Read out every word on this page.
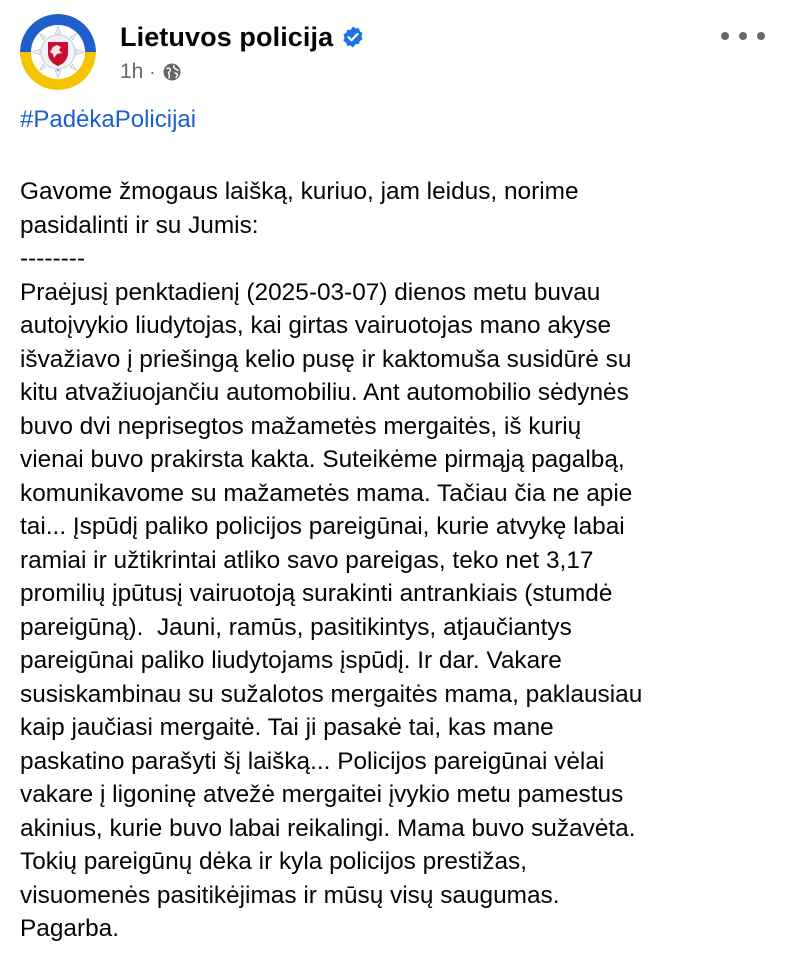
✦
Lietuvos policija
1h ·
#PadėkaPolicijai
Gavome žmogaus laišką, kuriuo, jam leidus, norime
pasidalinti ir su Jumis:
--------
Praėjusį penktadienį (2025-03-07) dienos metu buvau
autoįvykio liudytojas, kai girtas vairuotojas mano akyse
išvažiavo į priešingą kelio pusę ir kaktomuša susidūrė su
kitu atvažiuojančiu automobiliu. Ant automobilio sėdynės
buvo dvi neprisegtos mažametės mergaitės, iš kurių
vienai buvo prakirsta kakta. Suteikėme pirmąją pagalbą,
komunikavome su mažametės mama. Tačiau čia ne apie
tai... Įspūdį paliko policijos pareigūnai, kurie atvykę labai
ramiai ir užtikrintai atliko savo pareigas, teko net 3,17
promilių įpūtusį vairuotoją surakinti antrankiais (stumdė
pareigūną).  Jauni, ramūs, pasitikintys, atjaučiantys
pareigūnai paliko liudytojams įspūdį. Ir dar. Vakare
susiskambinau su sužalotos mergaitės mama, paklausiau
kaip jaučiasi mergaitė. Tai ji pasakė tai, kas mane
paskatino parašyti šį laišką... Policijos pareigūnai vėlai
vakare į ligoninę atvežė mergaitei įvykio metu pamestus
akinius, kurie buvo labai reikalingi. Mama buvo sužavėta.
Tokių pareigūnų dėka ir kyla policijos prestižas,
visuomenės pasitikėjimas ir mūsų visų saugumas.
Pagarba.
